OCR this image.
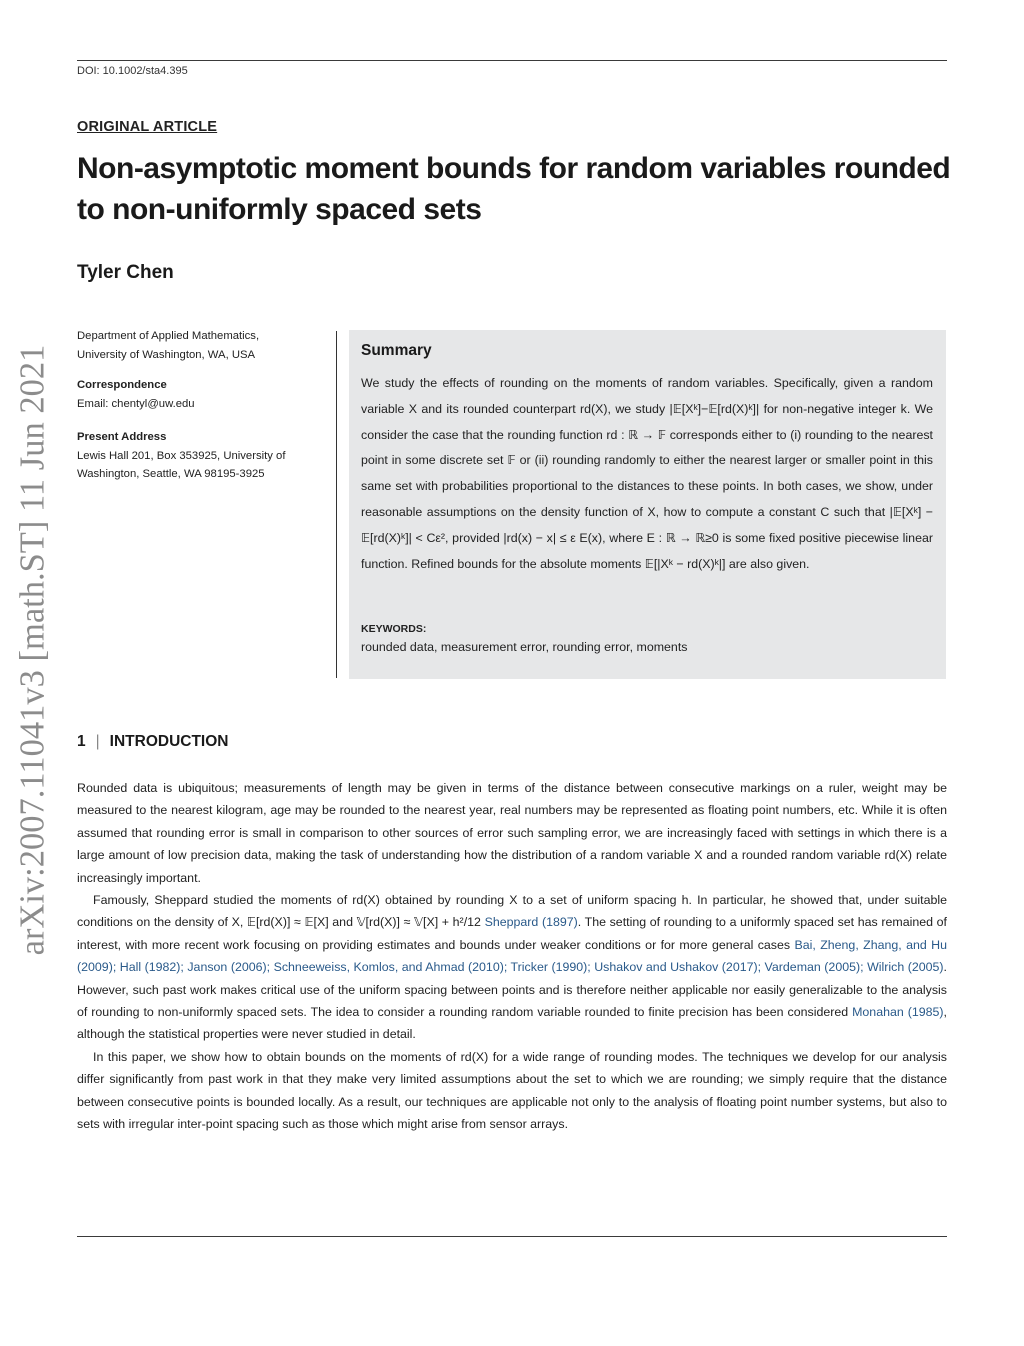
DOI: 10.1002/sta4.395
ORIGINAL ARTICLE
Non-asymptotic moment bounds for random variables rounded to non-uniformly spaced sets
Tyler Chen
arXiv:2007.11041v3 [math.ST] 11 Jun 2021
Department of Applied Mathematics,
University of Washington, WA, USA
Correspondence
Email: chentyl@uw.edu
Present Address
Lewis Hall 201, Box 353925, University of Washington, Seattle, WA 98195-3925
Summary

We study the effects of rounding on the moments of random variables. Specifically, given a random variable X and its rounded counterpart rd(X), we study |𝔼[Xᵏ]−𝔼[rd(X)ᵏ]| for non-negative integer k. We consider the case that the rounding function rd : ℝ → 𝔽 corresponds either to (i) rounding to the nearest point in some discrete set 𝔽 or (ii) rounding randomly to either the nearest larger or smaller point in this same set with probabilities proportional to the distances to these points. In both cases, we show, under reasonable assumptions on the density function of X, how to compute a constant C such that |𝔼[Xᵏ] − 𝔼[rd(X)ᵏ]| < Cε², provided |rd(x) − x| ≤ ε E(x), where E : ℝ → ℝ≥0 is some fixed positive piecewise linear function. Refined bounds for the absolute moments 𝔼[|Xᵏ − rd(X)ᵏ|] are also given.

KEYWORDS:
rounded data, measurement error, rounding error, moments
1 | INTRODUCTION

Rounded data is ubiquitous; measurements of length may be given in terms of the distance between consecutive markings on a ruler, weight may be measured to the nearest kilogram, age may be rounded to the nearest year, real numbers may be represented as floating point numbers, etc. While it is often assumed that rounding error is small in comparison to other sources of error such sampling error, we are increasingly faced with settings in which there is a large amount of low precision data, making the task of understanding how the distribution of a random variable X and a rounded random variable rd(X) relate increasingly important.

Famously, Sheppard studied the moments of rd(X) obtained by rounding X to a set of uniform spacing h. In particular, he showed that, under suitable conditions on the density of X, 𝔼[rd(X)] ≈ 𝔼[X] and 𝕍[rd(X)] ≈ 𝕍[X] + h²/12 Sheppard (1897). The setting of rounding to a uniformly spaced set has remained of interest, with more recent work focusing on providing estimates and bounds under weaker conditions or for more general cases Bai, Zheng, Zhang, and Hu (2009); Hall (1982); Janson (2006); Schneeweiss, Komlos, and Ahmad (2010); Tricker (1990); Ushakov and Ushakov (2017); Vardeman (2005); Wilrich (2005). However, such past work makes critical use of the uniform spacing between points and is therefore neither applicable nor easily generalizable to the analysis of rounding to non-uniformly spaced sets. The idea to consider a rounding random variable rounded to finite precision has been considered Monahan (1985), although the statistical properties were never studied in detail.

In this paper, we show how to obtain bounds on the moments of rd(X) for a wide range of rounding modes. The techniques we develop for our analysis differ significantly from past work in that they make very limited assumptions about the set to which we are rounding; we simply require that the distance between consecutive points is bounded locally. As a result, our techniques are applicable not only to the analysis of floating point number systems, but also to sets with irregular inter-point spacing such as those which might arise from sensor arrays.
